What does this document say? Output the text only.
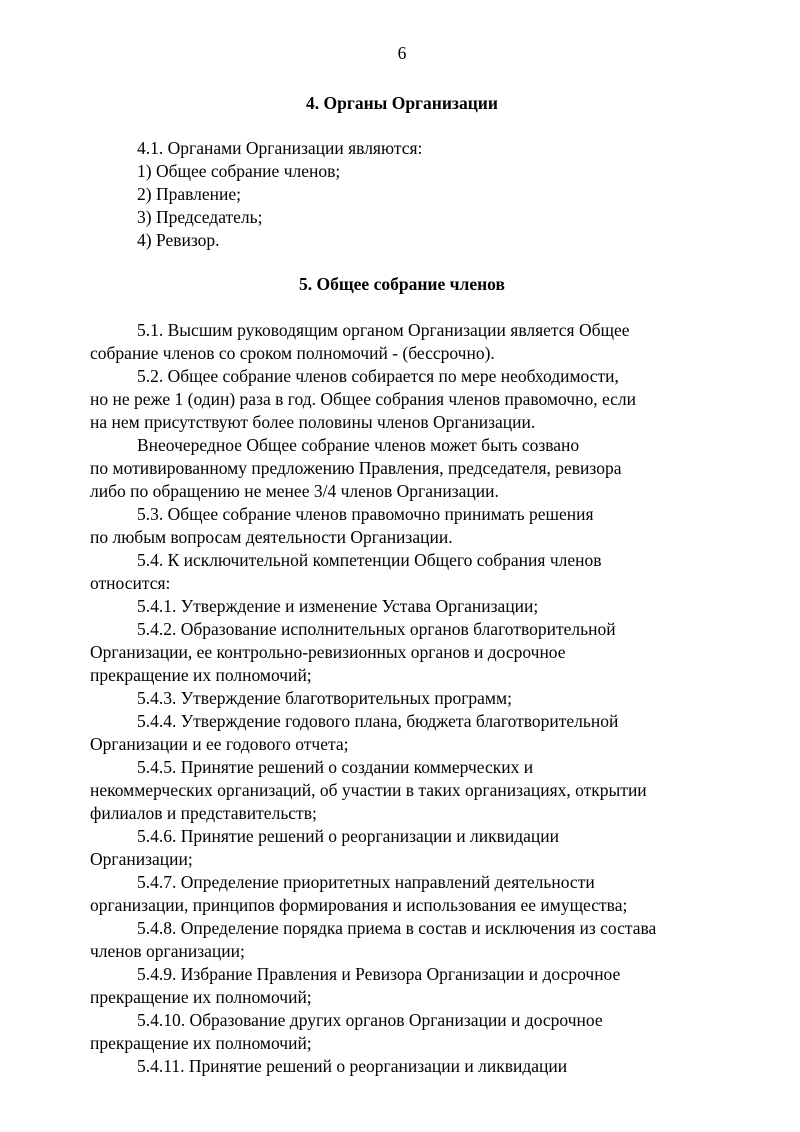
6
4. Органы Организации
4.1. Органами Организации являются:
1) Общее собрание членов;
2) Правление;
3) Председатель;
4) Ревизор.
5. Общее собрание членов
5.1. Высшим руководящим органом Организации является Общее
собрание членов со сроком полномочий - (бессрочно).
5.2. Общее собрание членов собирается по мере необходимости,
но не реже 1 (один) раза в год. Общее собрания членов правомочно, если
на нем присутствуют более половины членов Организации.
Внеочередное Общее собрание членов может быть созвано
по мотивированному предложению Правления, председателя, ревизора
либо по обращению не менее 3/4 членов Организации.
5.3. Общее собрание членов правомочно принимать решения
по любым вопросам деятельности Организации.
5.4. К исключительной компетенции Общего собрания членов
относится:
5.4.1. Утверждение и изменение Устава Организации;
5.4.2. Образование исполнительных органов благотворительной
Организации, ее контрольно-ревизионных органов и досрочное
прекращение их полномочий;
5.4.3. Утверждение благотворительных программ;
5.4.4. Утверждение годового плана, бюджета благотворительной
Организации и ее годового отчета;
5.4.5. Принятие решений о создании коммерческих и
некоммерческих организаций, об участии в таких организациях, открытии
филиалов и представительств;
5.4.6. Принятие решений о реорганизации и ликвидации
Организации;
5.4.7. Определение приоритетных направлений деятельности
организации, принципов формирования и использования ее имущества;
5.4.8. Определение порядка приема в состав и исключения из состава
членов организации;
5.4.9. Избрание Правления и Ревизора Организации и досрочное
прекращение их полномочий;
5.4.10. Образование других органов Организации и досрочное
прекращение их полномочий;
5.4.11. Принятие решений о реорганизации и ликвидации
